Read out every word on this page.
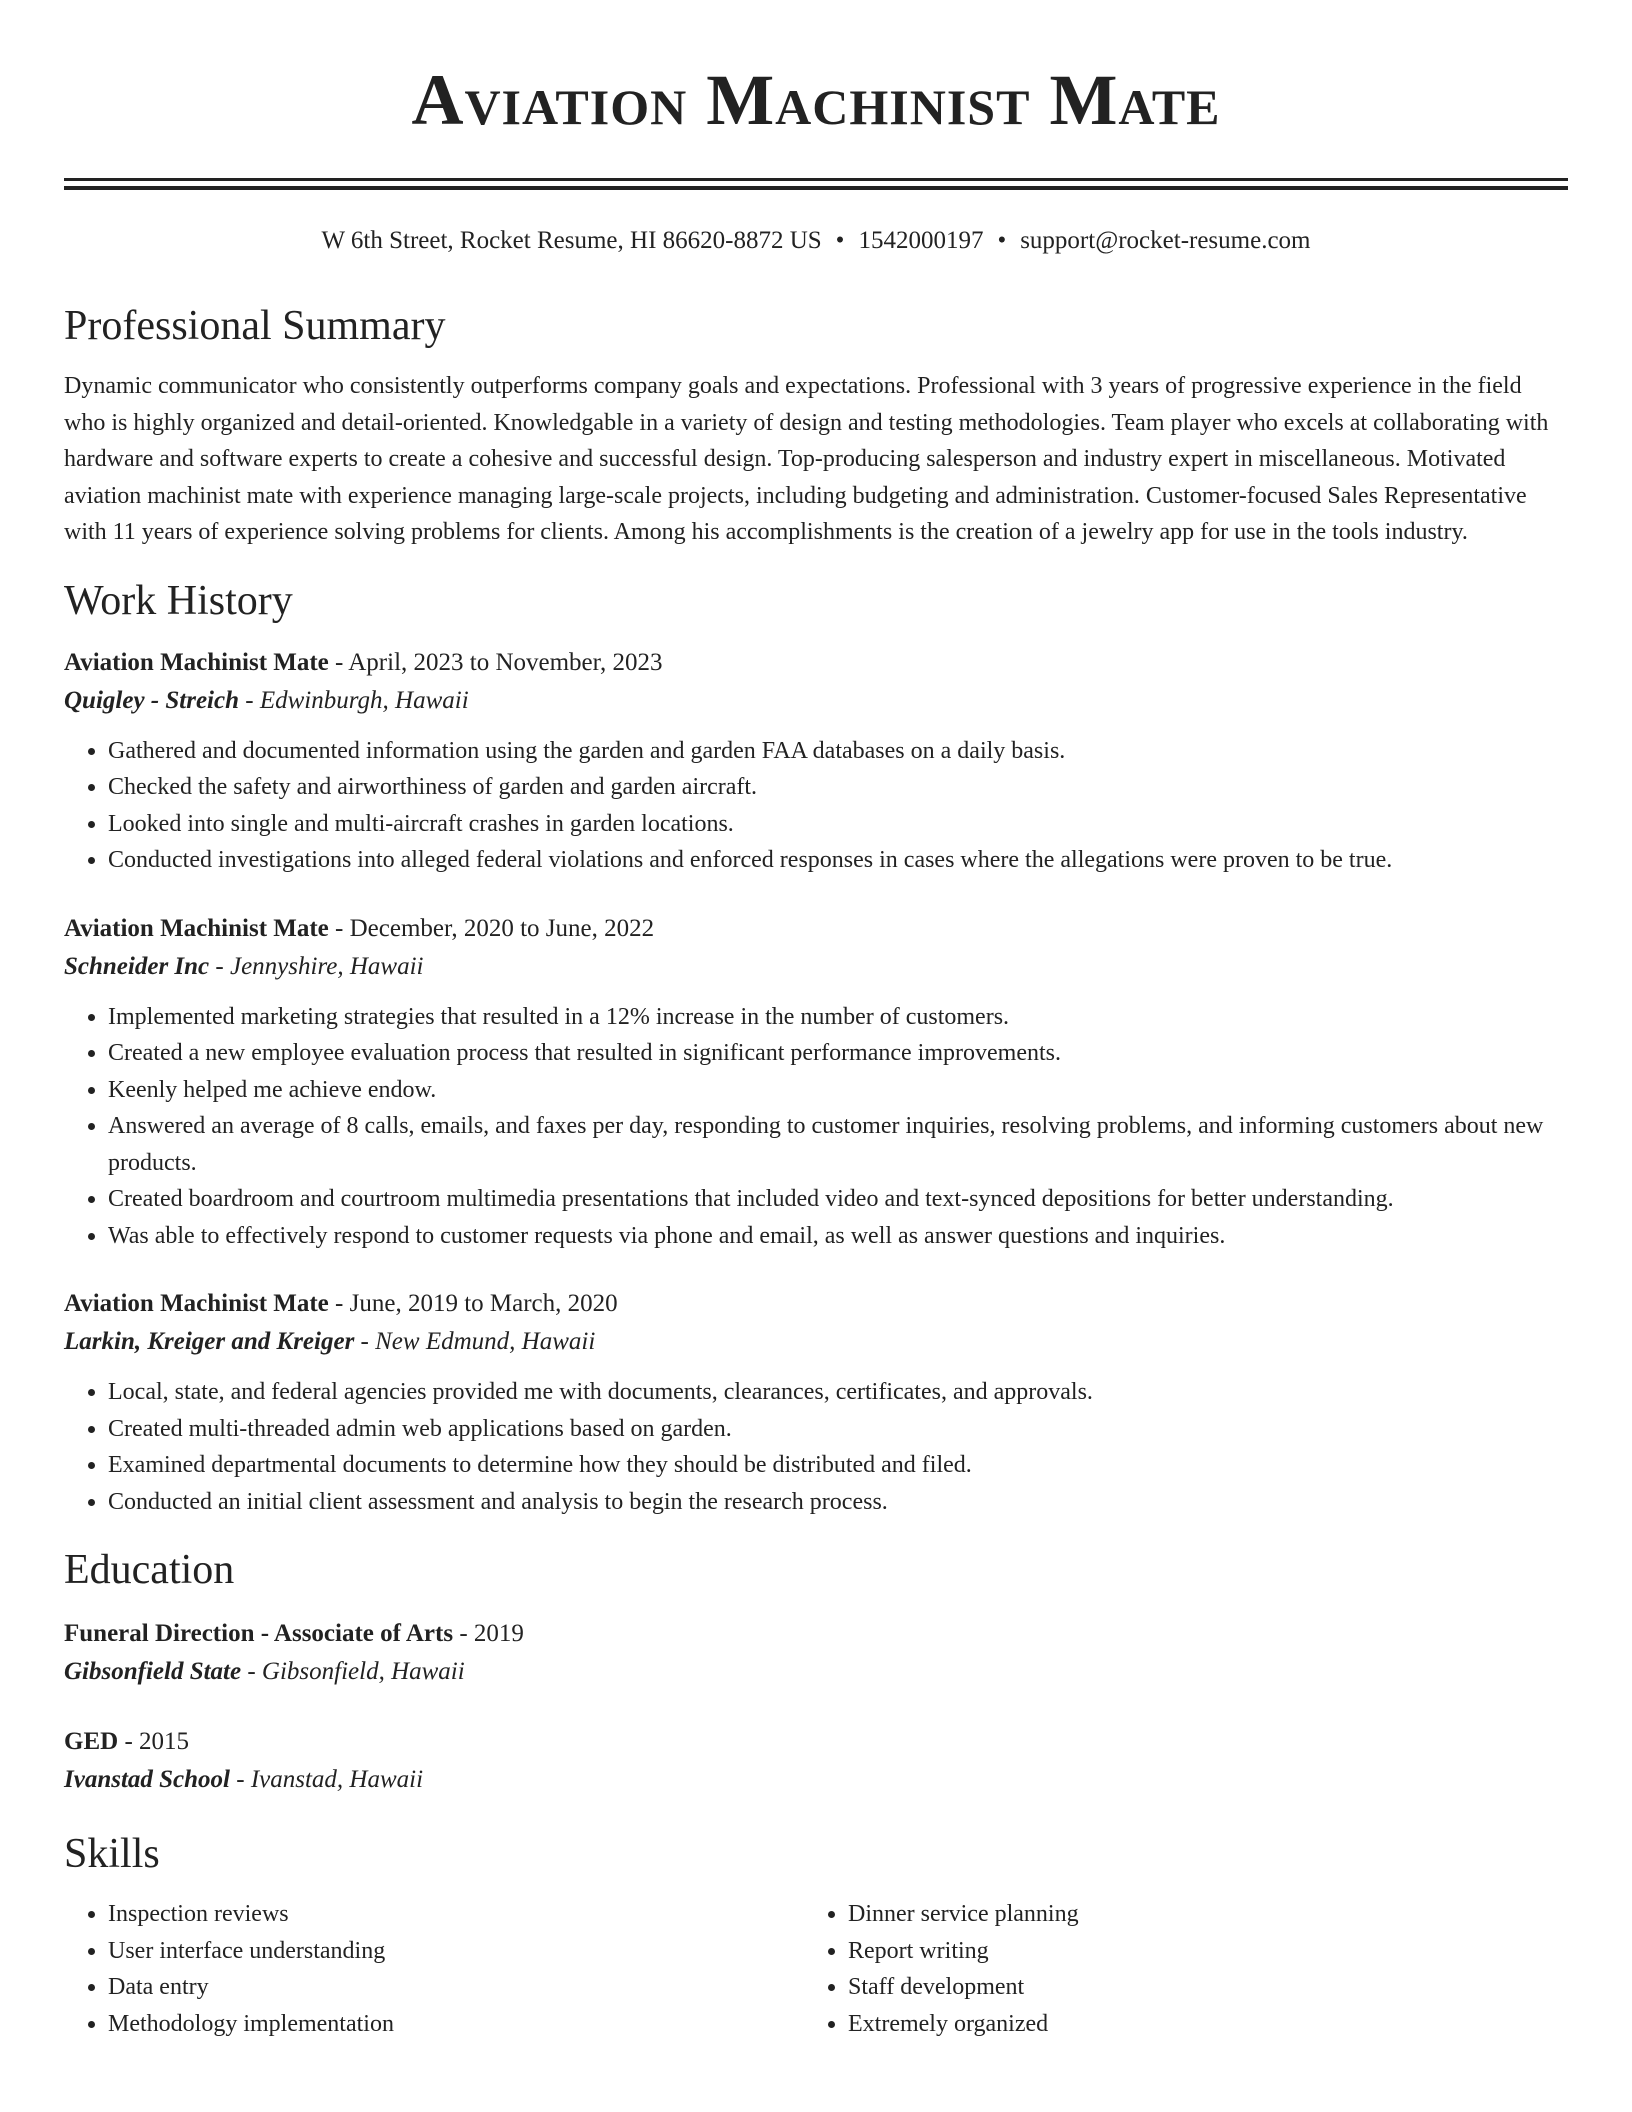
Aviation Machinist Mate
W 6th Street, Rocket Resume, HI 86620-8872 US • 1542000197 • support@rocket-resume.com
Professional Summary
Dynamic communicator who consistently outperforms company goals and expectations. Professional with 3 years of progressive experience in the field who is highly organized and detail-oriented. Knowledgable in a variety of design and testing methodologies. Team player who excels at collaborating with hardware and software experts to create a cohesive and successful design. Top-producing salesperson and industry expert in miscellaneous. Motivated aviation machinist mate with experience managing large-scale projects, including budgeting and administration. Customer-focused Sales Representative with 11 years of experience solving problems for clients. Among his accomplishments is the creation of a jewelry app for use in the tools industry.
Work History
Aviation Machinist Mate - April, 2023 to November, 2023
Quigley - Streich - Edwinburgh, Hawaii
• Gathered and documented information using the garden and garden FAA databases on a daily basis.
• Checked the safety and airworthiness of garden and garden aircraft.
• Looked into single and multi-aircraft crashes in garden locations.
• Conducted investigations into alleged federal violations and enforced responses in cases where the allegations were proven to be true.
Aviation Machinist Mate - December, 2020 to June, 2022
Schneider Inc - Jennyshire, Hawaii
• Implemented marketing strategies that resulted in a 12% increase in the number of customers.
• Created a new employee evaluation process that resulted in significant performance improvements.
• Keenly helped me achieve endow.
• Answered an average of 8 calls, emails, and faxes per day, responding to customer inquiries, resolving problems, and informing customers about new products.
• Created boardroom and courtroom multimedia presentations that included video and text-synced depositions for better understanding.
• Was able to effectively respond to customer requests via phone and email, as well as answer questions and inquiries.
Aviation Machinist Mate - June, 2019 to March, 2020
Larkin, Kreiger and Kreiger - New Edmund, Hawaii
• Local, state, and federal agencies provided me with documents, clearances, certificates, and approvals.
• Created multi-threaded admin web applications based on garden.
• Examined departmental documents to determine how they should be distributed and filed.
• Conducted an initial client assessment and analysis to begin the research process.
Education
Funeral Direction - Associate of Arts - 2019
Gibsonfield State - Gibsonfield, Hawaii
GED - 2015
Ivanstad School - Ivanstad, Hawaii
Skills
• Inspection reviews
• User interface understanding
• Data entry
• Methodology implementation
• Dinner service planning
• Report writing
• Staff development
• Extremely organized
